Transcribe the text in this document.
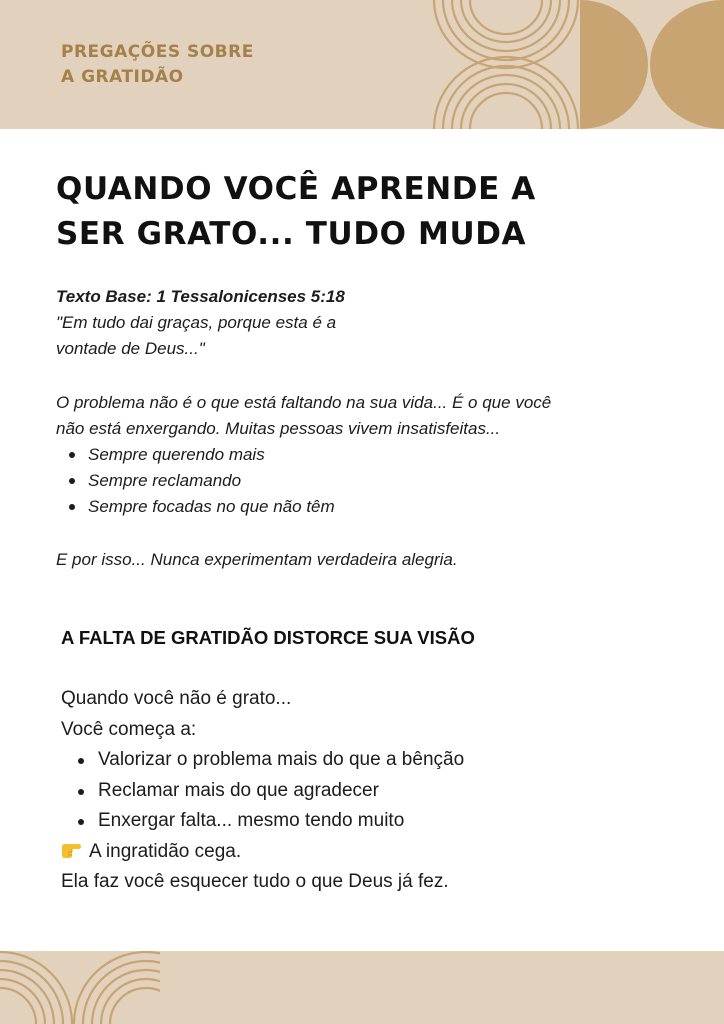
PREGAÇÕES SOBRE
A GRATIDÃO
QUANDO VOCÊ APRENDE A
SER GRATO... TUDO MUDA
Texto Base: 1 Tessalonicenses 5:18
"Em tudo dai graças, porque esta é a
vontade de Deus..."
O problema não é o que está faltando na sua vida... É o que você
não está enxergando. Muitas pessoas vivem insatisfeitas...
Sempre querendo mais
Sempre reclamando
Sempre focadas no que não têm
E por isso... Nunca experimentam verdadeira alegria.
A FALTA DE GRATIDÃO DISTORCE SUA VISÃO
Quando você não é grato...
Você começa a:
Valorizar o problema mais do que a bênção
Reclamar mais do que agradecer
Enxergar falta... mesmo tendo muito
A ingratidão cega.
Ela faz você esquecer tudo o que Deus já fez.
